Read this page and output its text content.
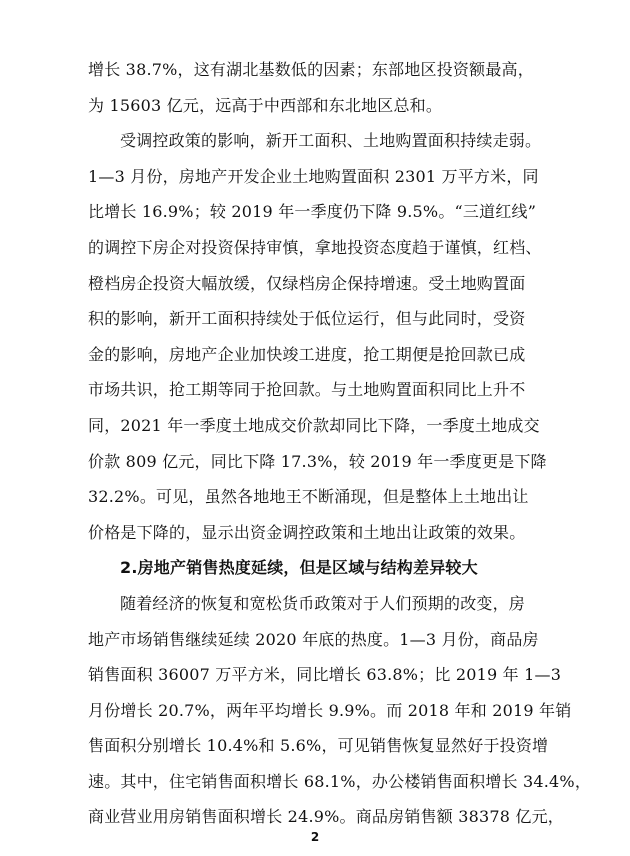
增长 38.7%，这有湖北基数低的因素；东部地区投资额最高，
为 15603 亿元，远高于中西部和东北地区总和。
受调控政策的影响，新开工面积、土地购置面积持续走弱。
1—3 月份，房地产开发企业土地购置面积 2301 万平方米，同
比增长 16.9%；较 2019 年一季度仍下降 9.5%。“三道红线”
的调控下房企对投资保持审慎，拿地投资态度趋于谨慎，红档、
橙档房企投资大幅放缓，仅绿档房企保持增速。受土地购置面
积的影响，新开工面积持续处于低位运行，但与此同时，受资
金的影响，房地产企业加快竣工进度，抢工期便是抢回款已成
市场共识，抢工期等同于抢回款。与土地购置面积同比上升不
同，2021 年一季度土地成交价款却同比下降，一季度土地成交
价款 809 亿元，同比下降 17.3%，较 2019 年一季度更是下降
32.2%。可见，虽然各地地王不断涌现，但是整体上土地出让
价格是下降的，显示出资金调控政策和土地出让政策的效果。
2.房地产销售热度延续，但是区域与结构差异较大
随着经济的恢复和宽松货币政策对于人们预期的改变，房
地产市场销售继续延续 2020 年底的热度。1—3 月份，商品房
销售面积 36007 万平方米，同比增长 63.8%；比 2019 年 1—3
月份增长 20.7%，两年平均增长 9.9%。而 2018 年和 2019 年销
售面积分别增长 10.4%和 5.6%，可见销售恢复显然好于投资增
速。其中，住宅销售面积增长 68.1%，办公楼销售面积增长 34.4%，
商业营业用房销售面积增长 24.9%。商品房销售额 38378 亿元，
2
